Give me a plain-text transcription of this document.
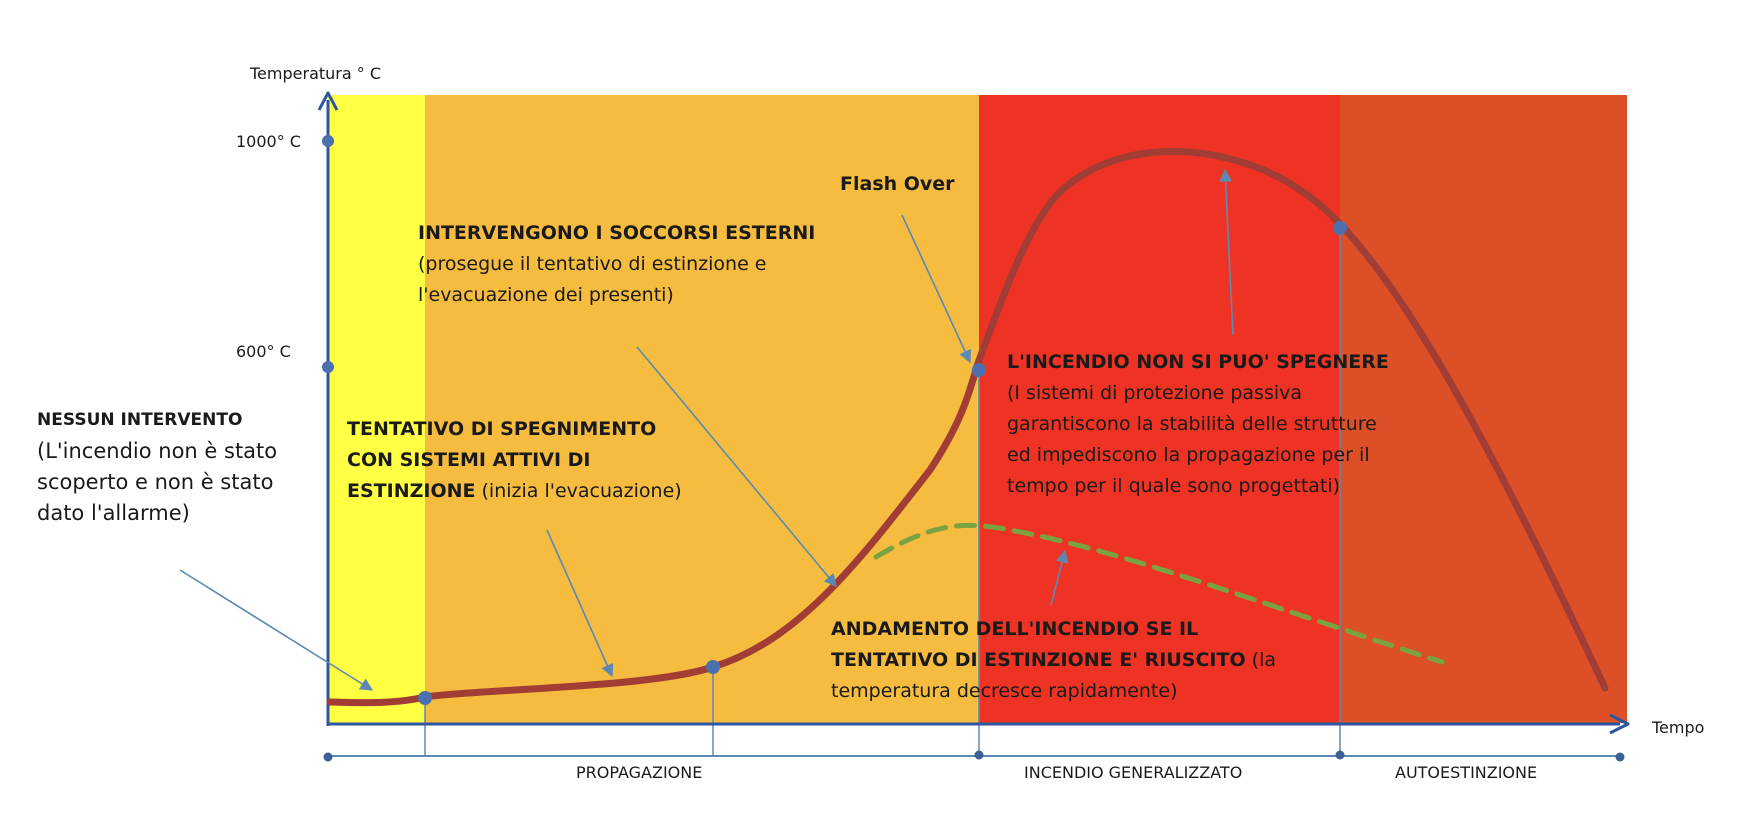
Temperatura ° C
Tempo
1000° C
600° C
PROPAGAZIONE	INCENDIO GENERALIZZATO	AUTOESTINZIONE
NESSUN INTERVENTO
(L'incendio non è stato
scoperto e non è stato
dato l'allarme)
TENTATIVO DI SPEGNIMENTO
CON SISTEMI ATTIVI DI
ESTINZIONE (inizia l'evacuazione)
INTERVENGONO I SOCCORSI ESTERNI
(prosegue il tentativo di estinzione e
l'evacuazione dei presenti)
Flash Over
L'INCENDIO NON SI PUO' SPEGNERE
(I sistemi di protezione passiva
garantiscono la stabilità delle strutture
ed impediscono la propagazione per il
tempo per il quale sono progettati)
ANDAMENTO DELL'INCENDIO SE IL
TENTATIVO DI ESTINZIONE E' RIUSCITO (la
temperatura decresce rapidamente)
